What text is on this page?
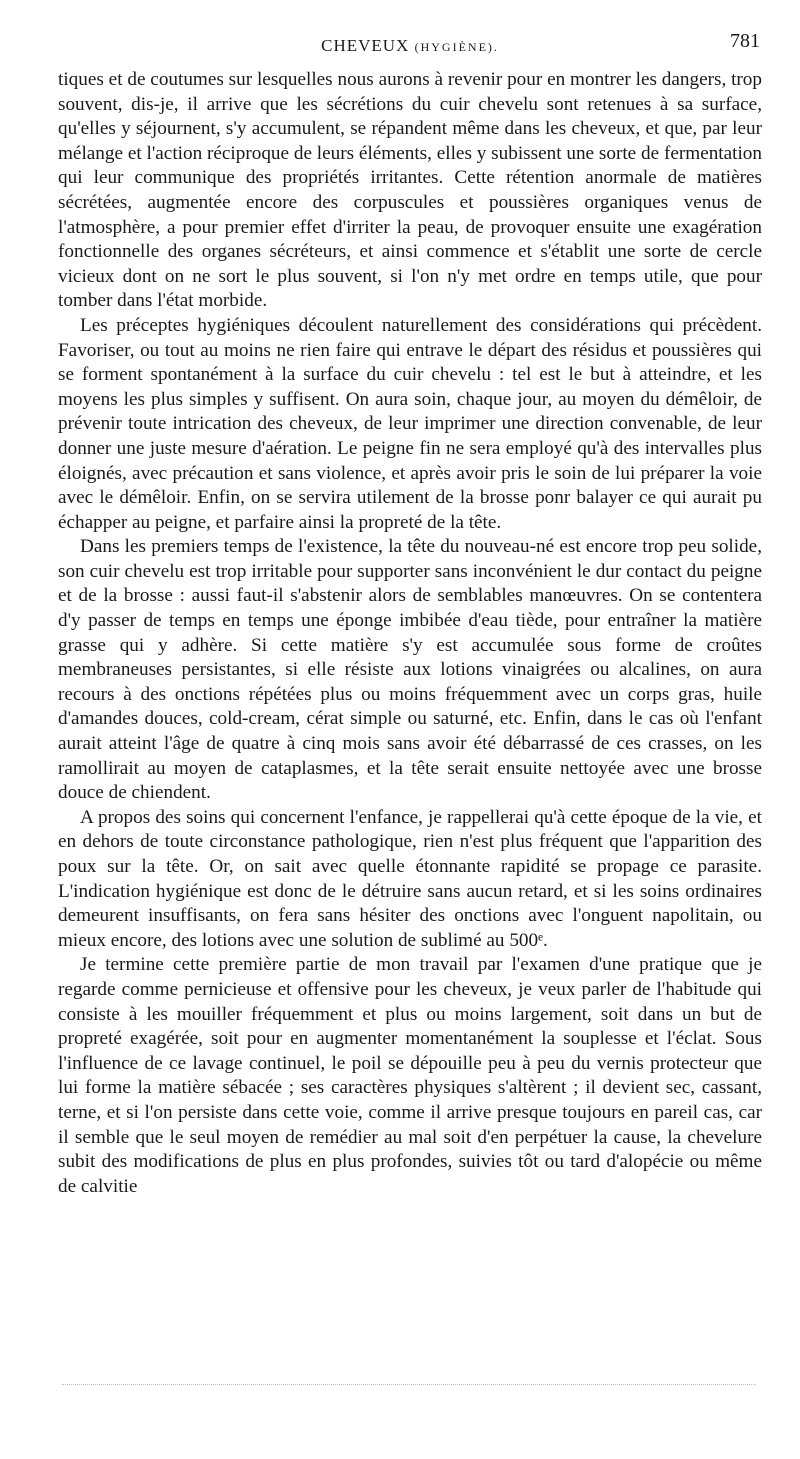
CHEVEUX (HYGIÈNE).	781

tiques et de coutumes sur lesquelles nous aurons à revenir pour en montrer les dangers, trop souvent, dis-je, il arrive que les sécrétions du cuir chevelu sont retenues à sa surface, qu'elles y séjournent, s'y accumulent, se répandent même dans les cheveux, et que, par leur mélange et l'action réciproque de leurs éléments, elles y subissent une sorte de fermentation qui leur communique des propriétés irritantes. Cette rétention anormale de matières sécrétées, augmentée encore des corpuscules et poussières organiques venus de l'atmosphère, a pour premier effet d'irriter la peau, de provoquer ensuite une exagération fonctionnelle des organes sécréteurs, et ainsi commence et s'établit une sorte de cercle vicieux dont on ne sort le plus souvent, si l'on n'y met ordre en temps utile, que pour tomber dans l'état morbide.

Les préceptes hygiéniques découlent naturellement des considérations qui précèdent. Favoriser, ou tout au moins ne rien faire qui entrave le départ des résidus et poussières qui se forment spontanément à la surface du cuir chevelu : tel est le but à atteindre, et les moyens les plus simples y suffisent. On aura soin, chaque jour, au moyen du démêloir, de prévenir toute intrication des cheveux, de leur imprimer une direction convenable, de leur donner une juste mesure d'aération. Le peigne fin ne sera employé qu'à des intervalles plus éloignés, avec précaution et sans violence, et après avoir pris le soin de lui préparer la voie avec le démêloir. Enfin, on se servira utilement de la brosse ponr balayer ce qui aurait pu échapper au peigne, et parfaire ainsi la propreté de la tête.

Dans les premiers temps de l'existence, la tête du nouveau-né est encore trop peu solide, son cuir chevelu est trop irritable pour supporter sans inconvénient le dur contact du peigne et de la brosse : aussi faut-il s'abstenir alors de semblables manœuvres. On se contentera d'y passer de temps en temps une éponge imbibée d'eau tiède, pour entraîner la matière grasse qui y adhère. Si cette matière s'y est accumulée sous forme de croûtes membraneuses persistantes, si elle résiste aux lotions vinaigrées ou alcalines, on aura recours à des onctions répétées plus ou moins fréquemment avec un corps gras, huile d'amandes douces, cold-cream, cérat simple ou saturné, etc. Enfin, dans le cas où l'enfant aurait atteint l'âge de quatre à cinq mois sans avoir été débarrassé de ces crasses, on les ramollirait au moyen de cataplasmes, et la tête serait ensuite nettoyée avec une brosse douce de chiendent.

A propos des soins qui concernent l'enfance, je rappellerai qu'à cette époque de la vie, et en dehors de toute circonstance pathologique, rien n'est plus fréquent que l'apparition des poux sur la tête. Or, on sait avec quelle étonnante rapidité se propage ce parasite. L'indication hygiénique est donc de le détruire sans aucun retard, et si les soins ordinaires demeurent insuffisants, on fera sans hésiter des onctions avec l'onguent napolitain, ou mieux encore, des lotions avec une solution de sublimé au 500ᵉ.

Je termine cette première partie de mon travail par l'examen d'une pratique que je regarde comme pernicieuse et offensive pour les cheveux, je veux parler de l'habitude qui consiste à les mouiller fréquemment et plus ou moins largement, soit dans un but de propreté exagérée, soit pour en augmenter momentanément la souplesse et l'éclat. Sous l'influence de ce lavage continuel, le poil se dépouille peu à peu du vernis protecteur que lui forme la matière sébacée ; ses caractères physiques s'altèrent ; il devient sec, cassant, terne, et si l'on persiste dans cette voie, comme il arrive presque toujours en pareil cas, car il semble que le seul moyen de remédier au mal soit d'en perpétuer la cause, la chevelure subit des modifications de plus en plus profondes, suivies tôt ou tard d'alopécie ou même de calvitie
